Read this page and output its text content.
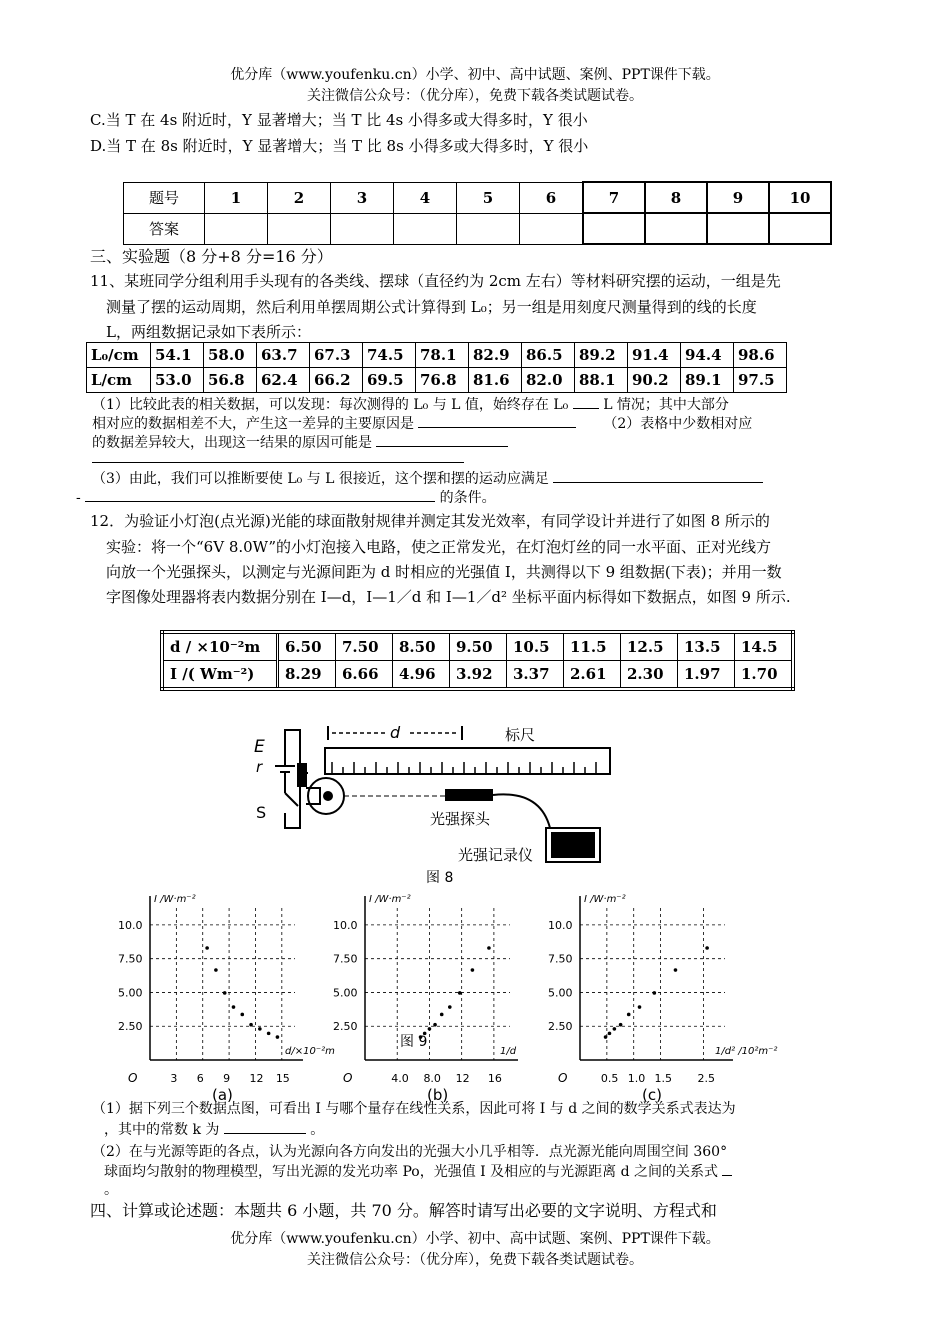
优分库（www.youfenku.cn）小学、初中、高中试题、案例、PPT课件下载。
关注微信公众号：（优分库），免费下载各类试题试卷。
C.当 T 在 4s 附近时，Y 显著增大；当 T 比 4s 小得多或大得多时，Y 很小
D.当 T 在 8s 附近时，Y 显著增大；当 T 比 8s 小得多或大得多时，Y 很小
题号	1	2	3	4	5	6	7	8	9	10
答案										
三、实验题（8 分+8 分=16 分）
11、某班同学分组利用手头现有的各类线、摆球（直径约为 2cm 左右）等材料研究摆的运动，一组是先
测量了摆的运动周期，然后利用单摆周期公式计算得到 L₀；另一组是用刻度尺测量得到的线的长度
L，两组数据记录如下表所示：
L₀/cm	54.1	58.0	63.7	67.3	74.5	78.1	82.9	86.5	89.2	91.4	94.4	98.6
L/cm	53.0	56.8	62.4	66.2	69.5	76.8	81.6	82.0	88.1	90.2	89.1	97.5
（1）比较此表的相关数据，可以发现：每次测得的 L₀ 与 L 值，始终存在 L₀ L 情况；其中大部分
相对应的数据相差不大，产生这一差异的主要原因是	（2）表格中少数相对应
的数据差异较大，出现这一结果的原因可能是
（3）由此，我们可以推断要使 L₀ 与 L 很接近，这个摆和摆的运动应满足
-	的条件。
12．为验证小灯泡(点光源)光能的球面散射规律并测定其发光效率，有同学设计并进行了如图 8 所示的
实验：将一个“6V 8.0W”的小灯泡接入电路，使之正常发光，在灯泡灯丝的同一水平面、正对光线方
向放一个光强探头，以测定与光源间距为 d 时相应的光强值 I，共测得以下 9 组数据(下表)；并用一数
字图像处理器将表内数据分别在 I—d，I—1／d 和 I—1／d² 坐标平面内标得如下数据点，如图 9 所示.
d / ×10⁻²m	6.50	7.50	8.50	9.50	10.5	11.5	12.5	13.5	14.5
I /( Wm⁻²)	8.29	6.66	4.96	3.92	3.37	2.61	2.30	1.97	1.70
E
r
S
d	标尺
光强探头
光强记录仪
图 8
I /W·m⁻²
10.0
7.50
5.00
2.50
3 6 9 12 15
O
d/×10⁻²m
(a)
I /W·m⁻²
10.0
7.50
5.00
2.50
4.0 8.0 12 16
O
1/d
(b)
I /W·m⁻²
10.0
7.50
5.00
2.50
0.5 1.0 1.5 2.5
O
1/d² /10²m⁻²
(c)
图 9
（1）据下列三个数据点图，可看出 I 与哪个量存在线性关系，因此可将 I 与 d 之间的数学关系式表达为
，其中的常数 k 为	。
（2）在与光源等距的各点，认为光源向各方向发出的光强大小几乎相等．点光源光能向周围空间 360°
球面均匀散射的物理模型，写出光源的发光功率 Po，光强值 I 及相应的与光源距离 d 之间的关系式
。
四、计算或论述题：本题共 6 小题，共 70 分。解答时请写出必要的文字说明、方程式和
优分库（www.youfenku.cn）小学、初中、高中试题、案例、PPT课件下载。
关注微信公众号：（优分库），免费下载各类试题试卷。
